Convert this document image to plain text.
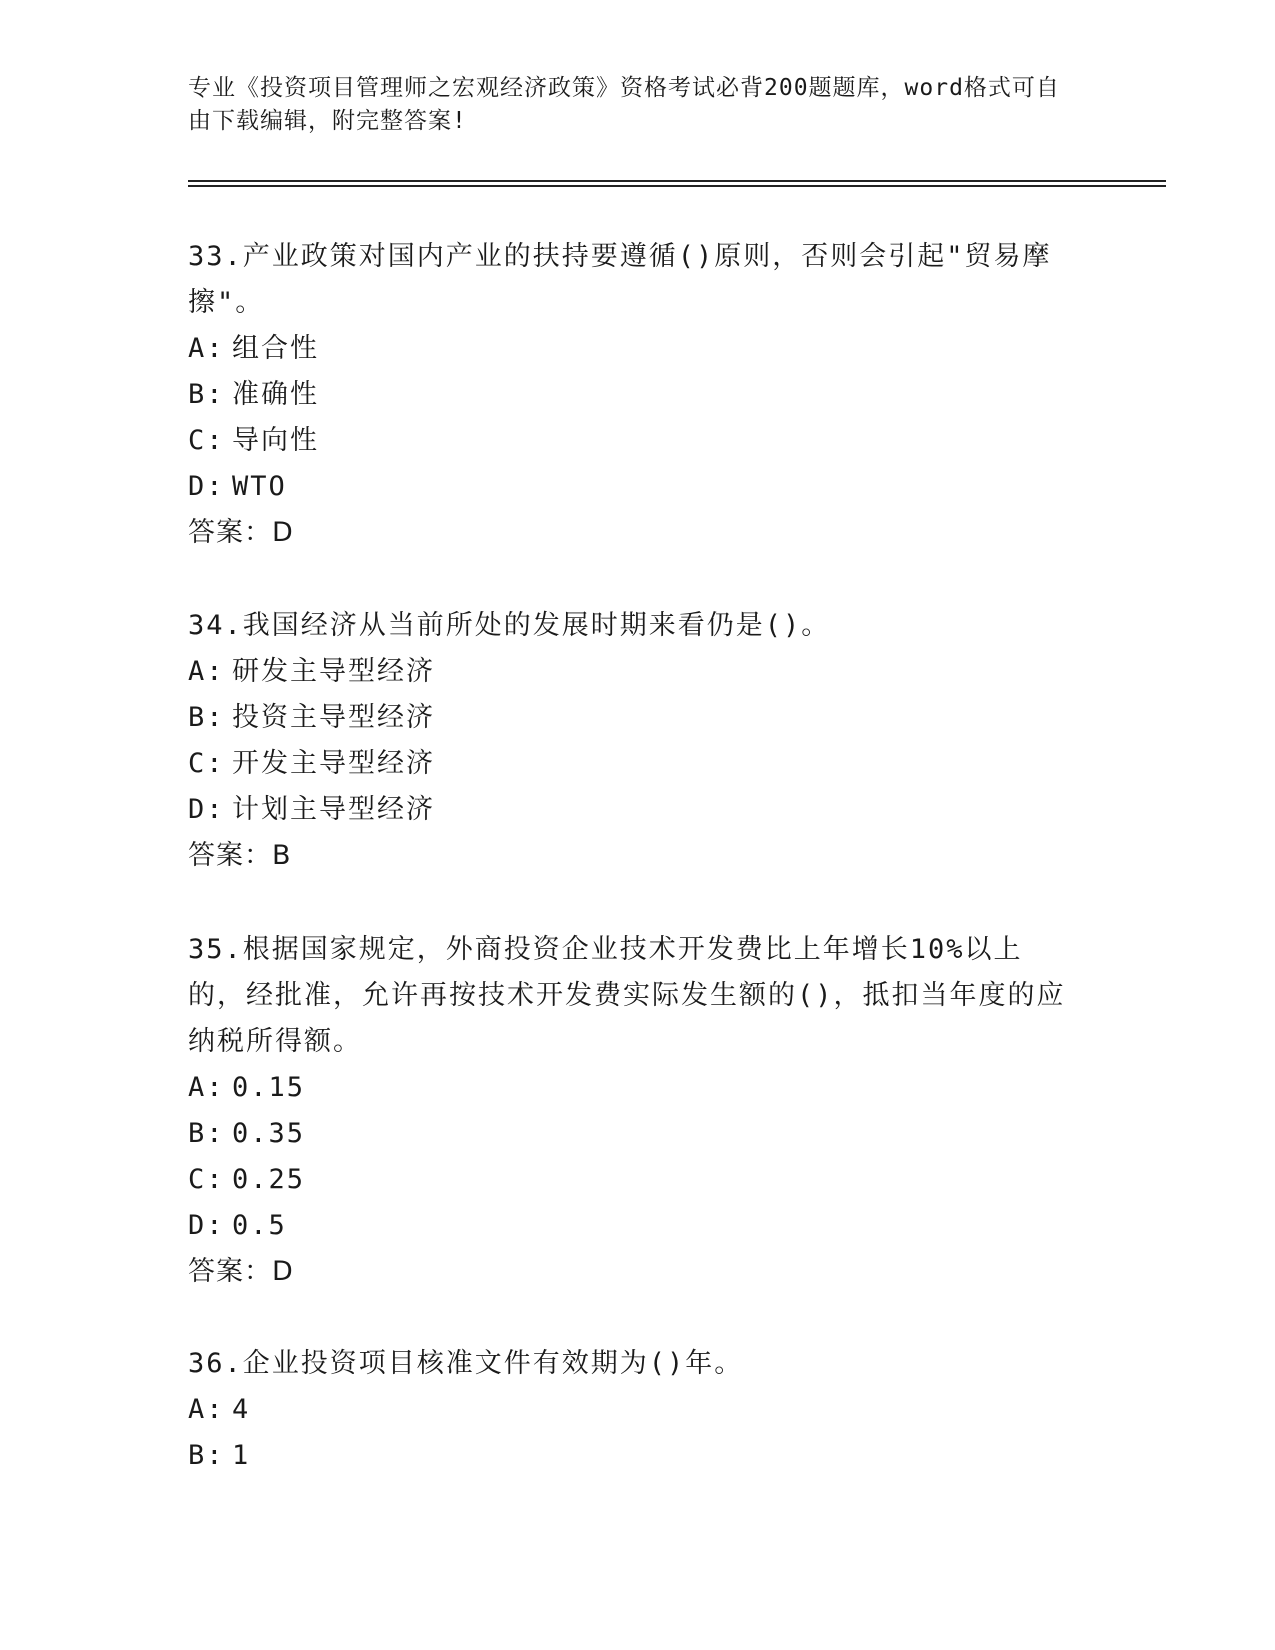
专业《投资项目管理师之宏观经济政策》资格考试必背200题题库，word格式可自由下载编辑，附完整答案!

33.产业政策对国内产业的扶持要遵循()原则，否则会引起"贸易摩擦"。

A: 组合性

B: 准确性

C: 导向性

D: WTO

答案：D

34.我国经济从当前所处的发展时期来看仍是()。

A: 研发主导型经济

B: 投资主导型经济

C: 开发主导型经济

D: 计划主导型经济

答案：B

35.根据国家规定，外商投资企业技术开发费比上年增长10%以上的，经批准，允许再按技术开发费实际发生额的()，抵扣当年度的应纳税所得额。

A: 0.15

B: 0.35

C: 0.25

D: 0.5

答案：D

36.企业投资项目核准文件有效期为()年。

A: 4

B: 1
